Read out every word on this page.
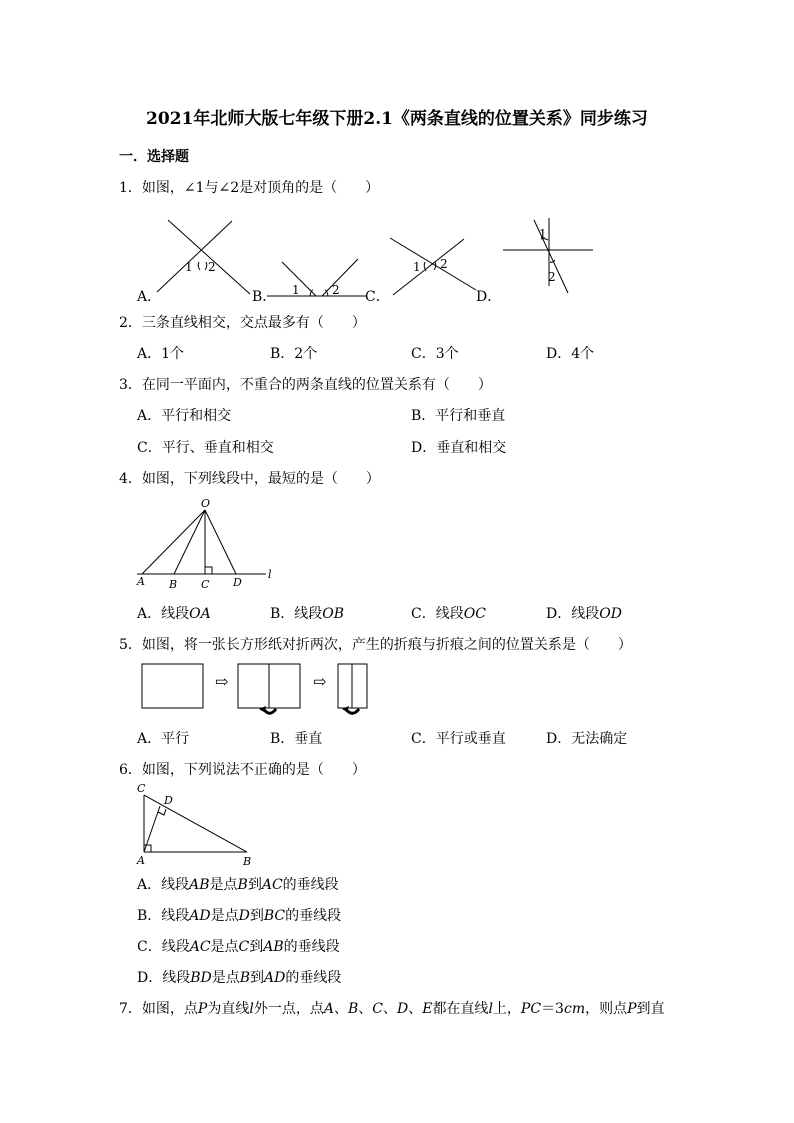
2021年北师大版七年级下册2.1《两条直线的位置关系》同步练习
一．选择题
1．如图，∠1与∠2是对顶角的是（　　）
A．	B．	C．	D．
1 2
1	2
1 2
1
2
2．三条直线相交，交点最多有（　　）
A．1个	B．2个	C．3个	D．4个
3．在同一平面内，不重合的两条直线的位置关系有（　　）
A．平行和相交	B．平行和垂直
C．平行、垂直和相交	D．垂直和相交
4．如图，下列线段中，最短的是（　　）
O
A B C D
l
A．线段OA	B．线段OB	C．线段OC	D．线段OD
5．如图，将一张长方形纸对折两次，产生的折痕与折痕之间的位置关系是（　　）
⇨	⇨
A．平行	B．垂直	C．平行或垂直	D．无法确定
6．如图，下列说法不正确的是（　　）
C
D
A	B
A．线段AB是点B到AC的垂线段
B．线段AD是点D到BC的垂线段
C．线段AC是点C到AB的垂线段
D．线段BD是点B到AD的垂线段
7．如图，点P为直线l外一点，点A、B、C、D、E都在直线l上，PC＝3cm，则点P到直
